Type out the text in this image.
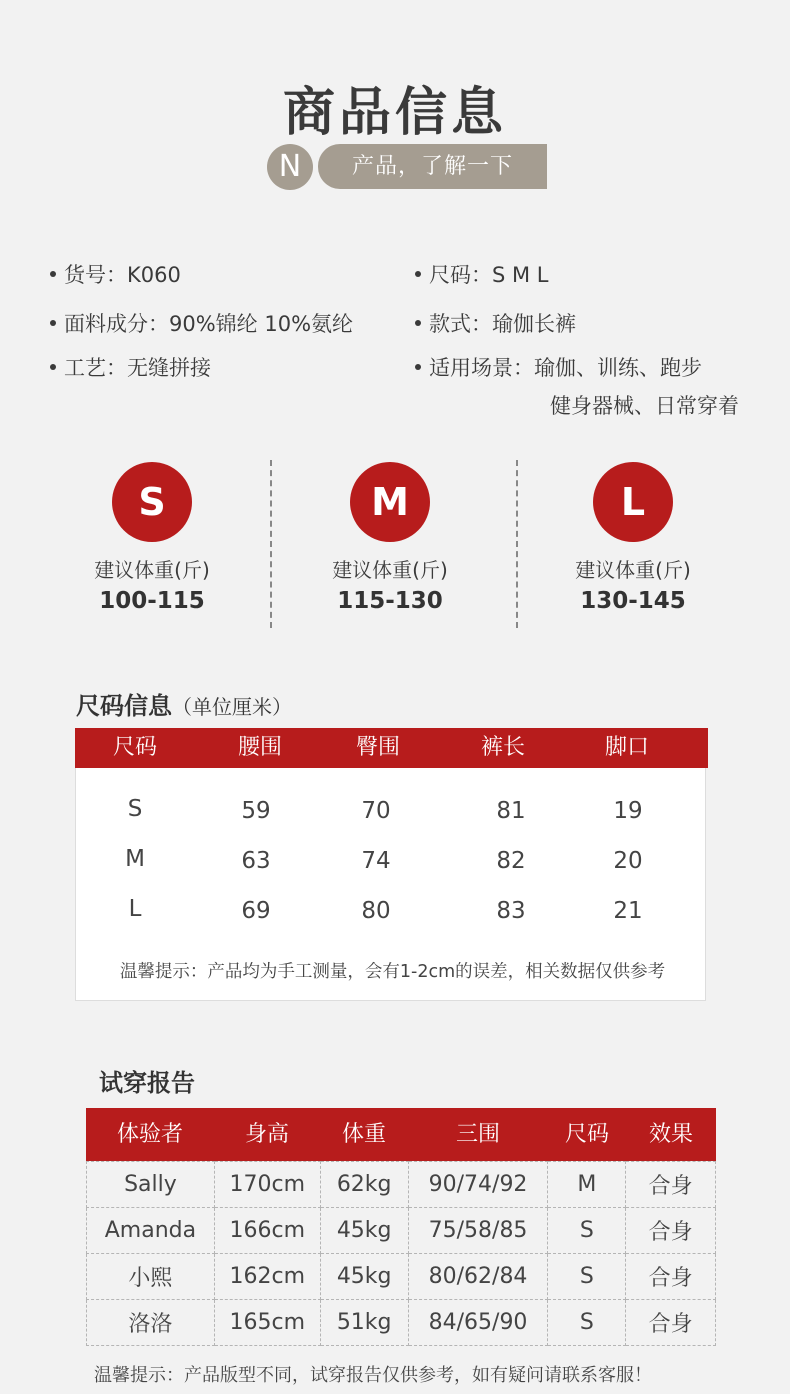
商品信息
N	产品，了解一下
货号：K060
面料成分：90%锦纶 10%氨纶
工艺：无缝拼接
尺码：S M L
款式：瑜伽长裤
适用场景：瑜伽、训练、跑步
健身器械、日常穿着
S
建议体重(斤)
100-115
M
建议体重(斤)
115-130
L
建议体重(斤)
130-145
尺码信息（单位厘米）
尺码	腰围	臀围	裤长	脚口
S	59	70	81	19
M	63	74	82	20
L	69	80	83	21
温馨提示：产品均为手工测量，会有1-2cm的误差，相关数据仅供参考
试穿报告
体验者	身高	体重	三围	尺码	效果
Sally	170cm	62kg	90/74/92	M	合身
Amanda	166cm	45kg	75/58/85	S	合身
小熙	162cm	45kg	80/62/84	S	合身
洛洛	165cm	51kg	84/65/90	S	合身
温馨提示：产品版型不同，试穿报告仅供参考，如有疑问请联系客服！
